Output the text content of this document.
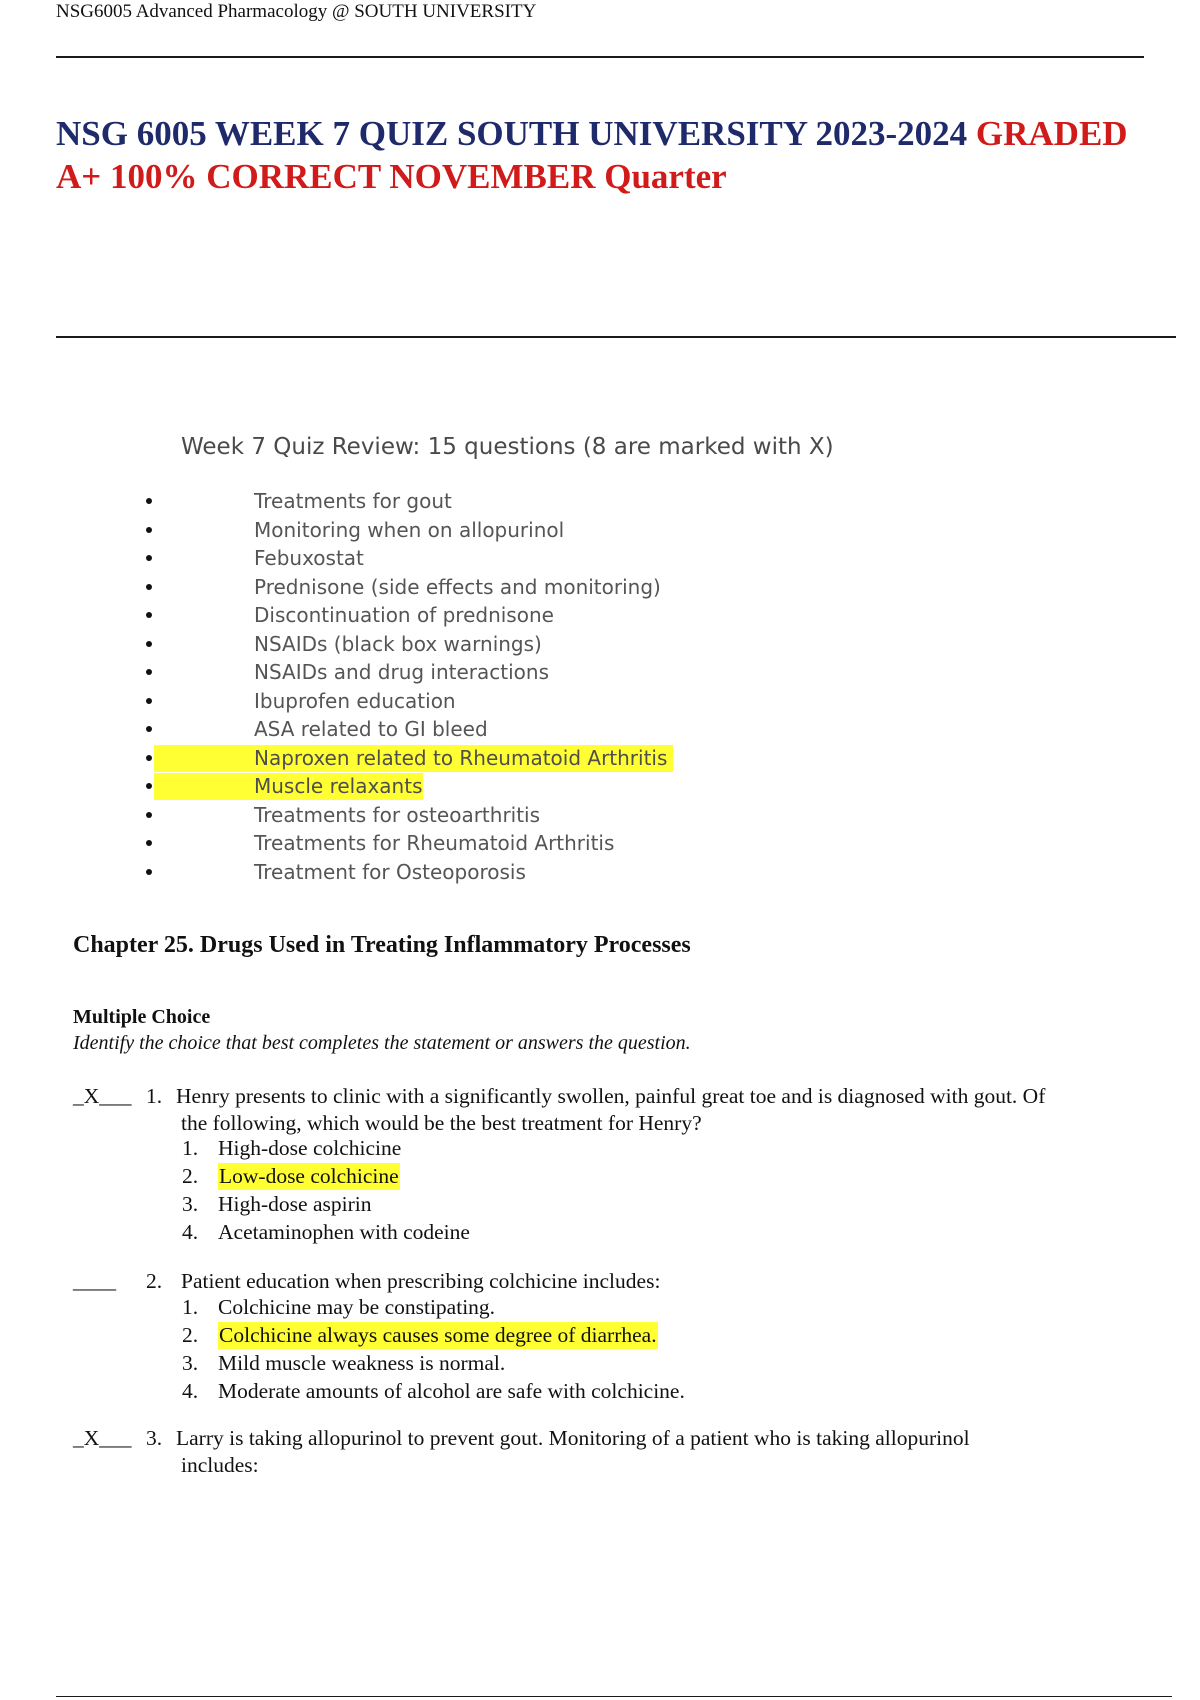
NSG6005 Advanced Pharmacology @ SOUTH UNIVERSITY
NSG 6005 WEEK 7 QUIZ SOUTH UNIVERSITY 2023-2024 GRADED A+ 100% CORRECT NOVEMBER Quarter
Week 7 Quiz Review: 15 questions (8 are marked with X)
Treatments for gout
Monitoring when on allopurinol
Febuxostat
Prednisone (side effects and monitoring)
Discontinuation of prednisone
NSAIDs (black box warnings)
NSAIDs and drug interactions
Ibuprofen education
ASA related to GI bleed
Naproxen related to Rheumatoid Arthritis
Muscle relaxants
Treatments for osteoarthritis
Treatments for Rheumatoid Arthritis
Treatment for Osteoporosis
Chapter 25. Drugs Used in Treating Inflammatory Processes
Multiple Choice
Identify the choice that best completes the statement or answers the question.
_X___ 1. Henry presents to clinic with a significantly swollen, painful great toe and is diagnosed with gout. Of
the following, which would be the best treatment for Henry?
1. High-dose colchicine
2. Low-dose colchicine
3. High-dose aspirin
4. Acetaminophen with codeine
____ 2. Patient education when prescribing colchicine includes:
1. Colchicine may be constipating.
2. Colchicine always causes some degree of diarrhea.
3. Mild muscle weakness is normal.
4. Moderate amounts of alcohol are safe with colchicine.
_X___ 3. Larry is taking allopurinol to prevent gout. Monitoring of a patient who is taking allopurinol
includes:
